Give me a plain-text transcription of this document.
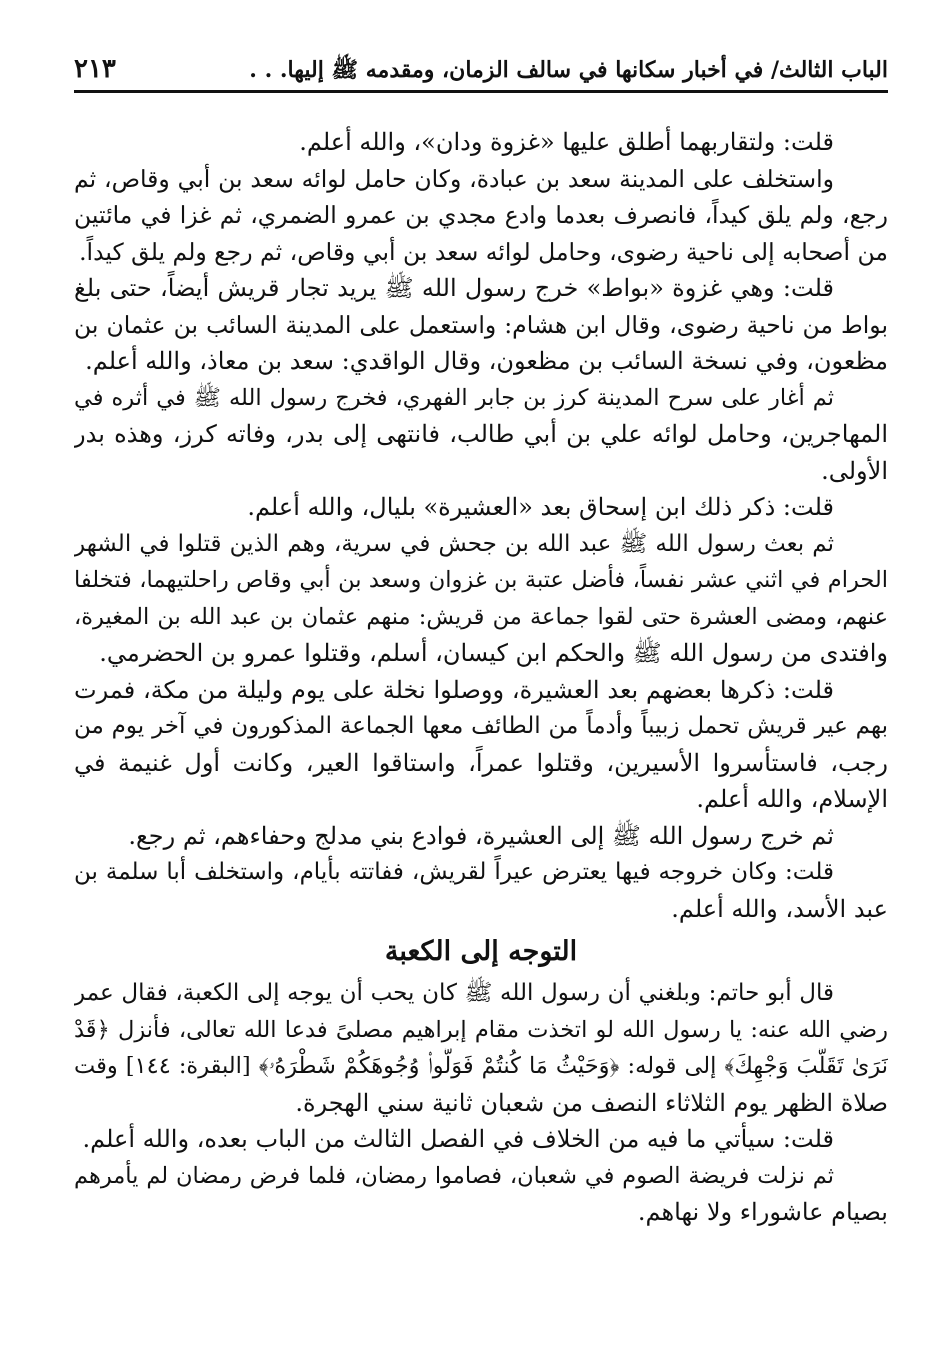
الباب الثالث/ في أخبار سكانها في سالف الزمان، ومقدمه ﷺ إليها. . .
٢١٣
قلت: ولتقاربهما أطلق عليها «غزوة ودان»، والله أعلم.
واستخلف على المدينة سعد بن عبادة، وكان حامل لوائه سعد بن أبي وقاص، ثم
رجع، ولم يلق كيداً، فانصرف بعدما وادع مجدي بن عمرو الضمري، ثم غزا في مائتين
من أصحابه إلى ناحية رضوى، وحامل لوائه سعد بن أبي وقاص، ثم رجع ولم يلق كيداً.
قلت: وهي غزوة «بواط» خرج رسول الله ﷺ يريد تجار قريش أيضاً، حتى بلغ
بواط من ناحية رضوى، وقال ابن هشام: واستعمل على المدينة السائب بن عثمان بن
مظعون، وفي نسخة السائب بن مظعون، وقال الواقدي: سعد بن معاذ، والله أعلم.
ثم أغار على سرح المدينة كرز بن جابر الفهري، فخرج رسول الله ﷺ في أثره في
المهاجرين، وحامل لوائه علي بن أبي طالب، فانتهى إلى بدر، وفاته كرز، وهذه بدر
الأولى.
قلت: ذكر ذلك ابن إسحاق بعد «العشيرة» بليال، والله أعلم.
ثم بعث رسول الله ﷺ عبد الله بن جحش في سرية، وهم الذين قتلوا في الشهر
الحرام في اثني عشر نفساً، فأضل عتبة بن غزوان وسعد بن أبي وقاص راحلتيهما، فتخلفا
عنهم، ومضى العشرة حتى لقوا جماعة من قريش: منهم عثمان بن عبد الله بن المغيرة،
وافتدى من رسول الله ﷺ والحكم ابن كيسان، أسلم، وقتلوا عمرو بن الحضرمي.
قلت: ذكرها بعضهم بعد العشيرة، ووصلوا نخلة على يوم وليلة من مكة، فمرت
بهم عير قريش تحمل زبيباً وأدماً من الطائف معها الجماعة المذكورون في آخر يوم من
رجب، فاستأسروا الأسيرين، وقتلوا عمراً، واستاقوا العير، وكانت أول غنيمة في
الإسلام، والله أعلم.
ثم خرج رسول الله ﷺ إلى العشيرة، فوادع بني مدلج وحفاءهم، ثم رجع.
قلت: وكان خروجه فيها يعترض عيراً لقريش، ففاتته بأيام، واستخلف أبا سلمة بن
عبد الأسد، والله أعلم.
التوجه إلى الكعبة
قال أبو حاتم: وبلغني أن رسول الله ﷺ كان يحب أن يوجه إلى الكعبة، فقال عمر
رضي الله عنه: يا رسول الله لو اتخذت مقام إبراهيم مصلىً فدعا الله تعالى، فأنزل ﴿قَدْ
نَرَىٰ تَقَلُّبَ وَجْهِكَ﴾ إلى قوله: ﴿وَحَيْثُ مَا كُنتُمْ فَوَلُّوا۟ وُجُوهَكُمْ شَطْرَهُۥ﴾ [البقرة: ١٤٤] وقت
صلاة الظهر يوم الثلاثاء النصف من شعبان ثانية سني الهجرة.
قلت: سيأتي ما فيه من الخلاف في الفصل الثالث من الباب بعده، والله أعلم.
ثم نزلت فريضة الصوم في شعبان، فصاموا رمضان، فلما فرض رمضان لم يأمرهم
بصيام عاشوراء ولا نهاهم.
